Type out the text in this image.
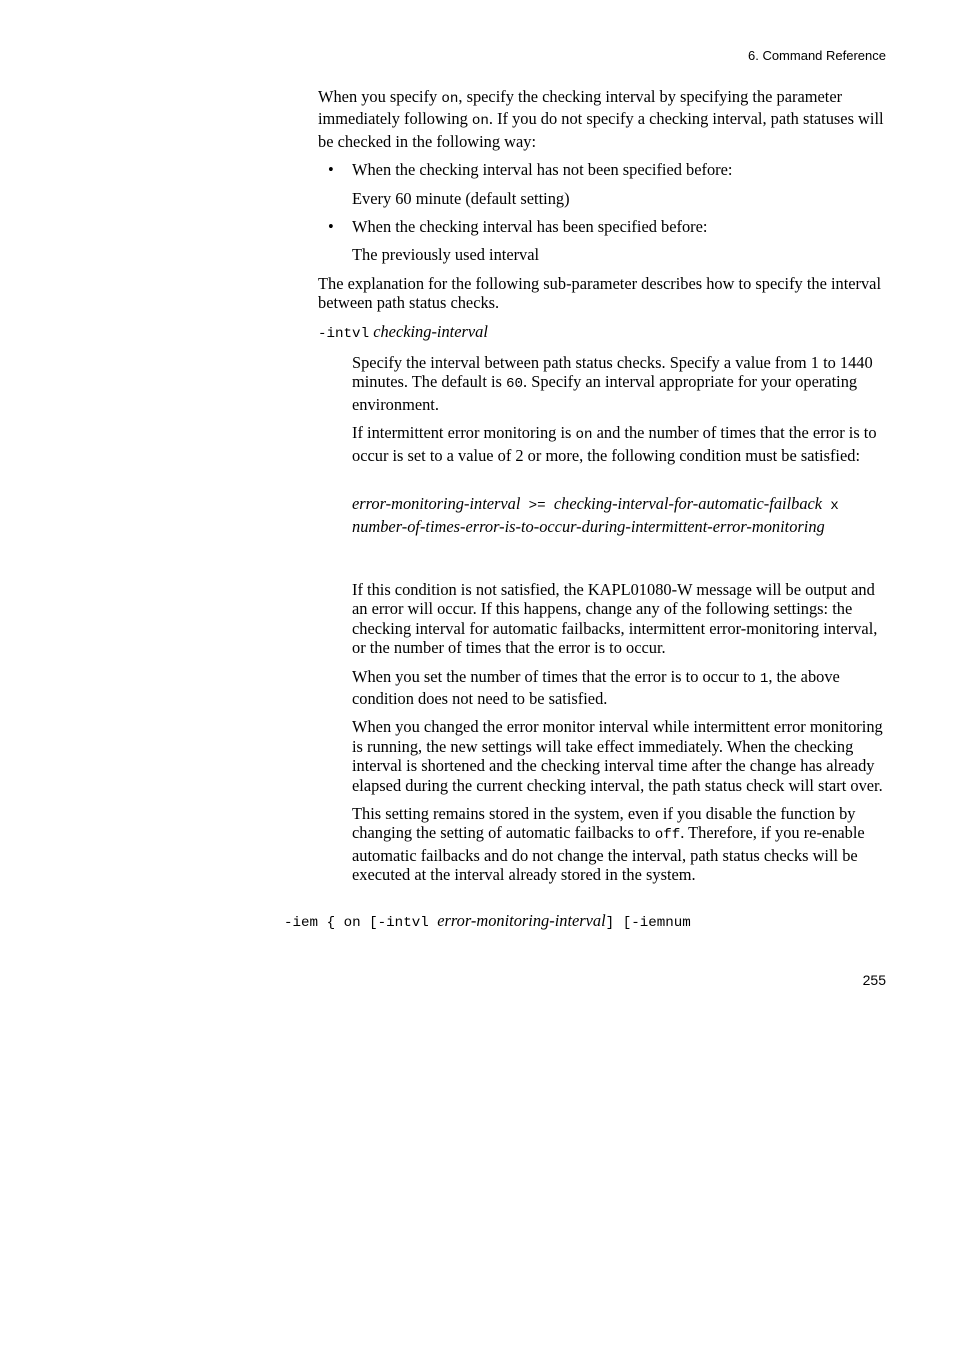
6. Command Reference

When you specify on, specify the checking interval by specifying the parameter immediately following on. If you do not specify a checking interval, path statuses will be checked in the following way:

• When the checking interval has not been specified before:

Every 60 minute (default setting)

• When the checking interval has been specified before:

The previously used interval

The explanation for the following sub-parameter describes how to specify the interval between path status checks.

-intvl checking-interval

Specify the interval between path status checks. Specify a value from 1 to 1440 minutes. The default is 60. Specify an interval appropriate for your operating environment.

If intermittent error monitoring is on and the number of times that the error is to occur is set to a value of 2 or more, the following condition must be satisfied:

error-monitoring-interval >= checking-interval-for-automatic-failback x
number-of-times-error-is-to-occur-during-intermittent-error-monitoring

If this condition is not satisfied, the KAPL01080-W message will be output and an error will occur. If this happens, change any of the following settings: the checking interval for automatic failbacks, intermittent error-monitoring interval, or the number of times that the error is to occur.

When you set the number of times that the error is to occur to 1, the above condition does not need to be satisfied.

When you changed the error monitor interval while intermittent error monitoring is running, the new settings will take effect immediately. When the checking interval is shortened and the checking interval time after the change has already elapsed during the current checking interval, the path status check will start over.

This setting remains stored in the system, even if you disable the function by changing the setting of automatic failbacks to off. Therefore, if you re-enable automatic failbacks and do not change the interval, path status checks will be executed at the interval already stored in the system.

-iem { on [-intvl error-monitoring-interval] [-iemnum
255
